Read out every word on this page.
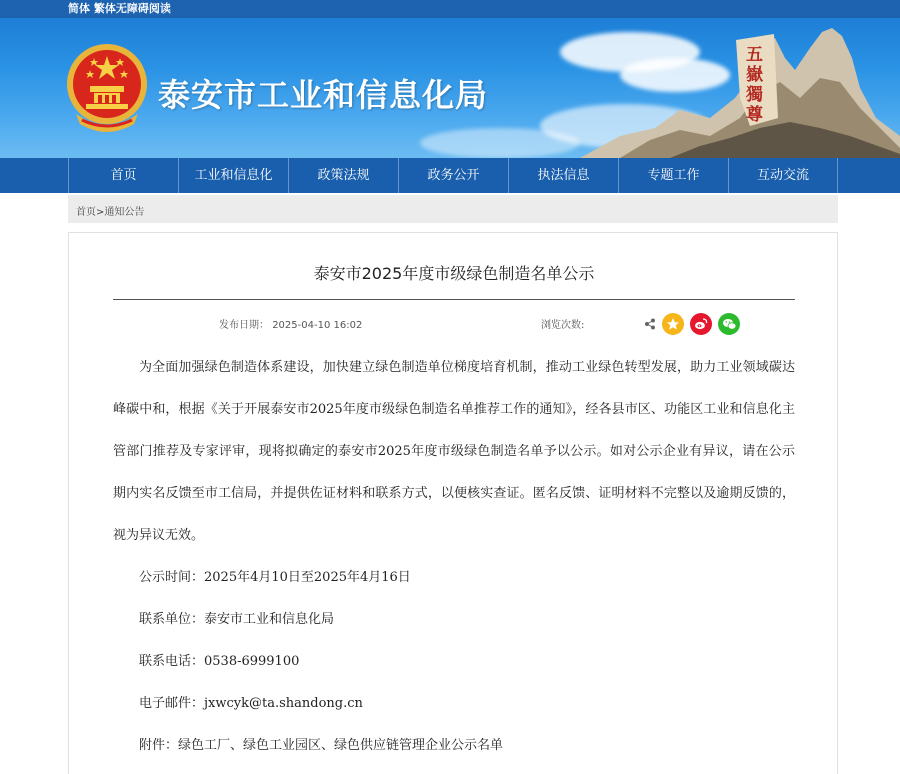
简体 繁体无障碍阅读
泰安市工业和信息化局
五
嶽
獨
尊
首页	工业和信息化	政策法规	政务公开	执法信息	专题工作	互动交流
首页>通知公告
泰安市2025年度市级绿色制造名单公示
发布日期： 2025-04-10 16:02	浏览次数:

为全面加强绿色制造体系建设，加快建立绿色制造单位梯度培育机制，推动工业绿色转型发展，助力工业领域碳达峰碳中和，根据《关于开展泰安市2025年度市级绿色制造名单推荐工作的通知》，经各县市区、功能区工业和信息化主管部门推荐及专家评审，现将拟确定的泰安市2025年度市级绿色制造名单予以公示。如对公示企业有异议，请在公示期内实名反馈至市工信局，并提供佐证材料和联系方式，以便核实查证。匿名反馈、证明材料不完整以及逾期反馈的，视为异议无效。

公示时间：2025年4月10日至2025年4月16日
联系单位：泰安市工业和信息化局
联系电话：0538-6999100
电子邮件：jxwcyk@ta.shandong.cn
附件：绿色工厂、绿色工业园区、绿色供应链管理企业公示名单
